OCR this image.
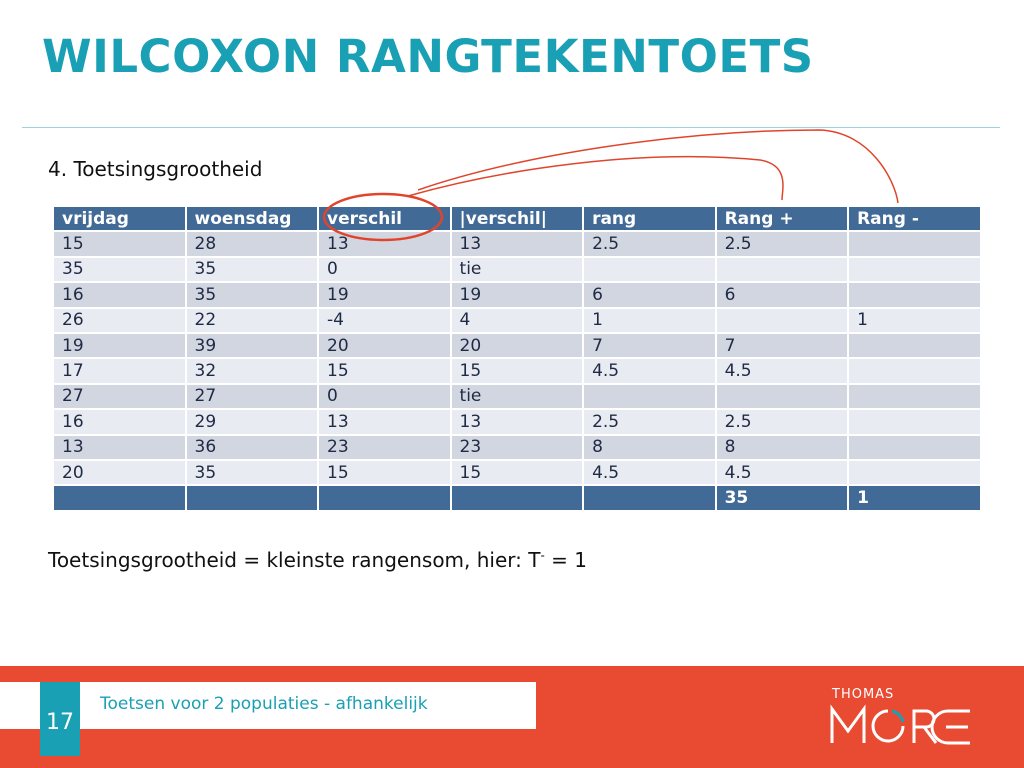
WILCOXON RANGTEKENTOETS
4. Toetsingsgrootheid
vrijdag	woensdag	verschil	|verschil|	rang	Rang +	Rang -
15	28	13	13	2.5	2.5	
35	35	0	tie			
16	35	19	19	6	6	
26	22	-4	4	1		1
19	39	20	20	7	7	
17	32	15	15	4.5	4.5	
27	27	0	tie			
16	29	13	13	2.5	2.5	
13	36	23	23	8	8	
20	35	15	15	4.5	4.5	
					35	1
Toetsingsgrootheid = kleinste rangensom, hier: T- = 1
Toetsen voor 2 populaties - afhankelijk
17
THOMAS
